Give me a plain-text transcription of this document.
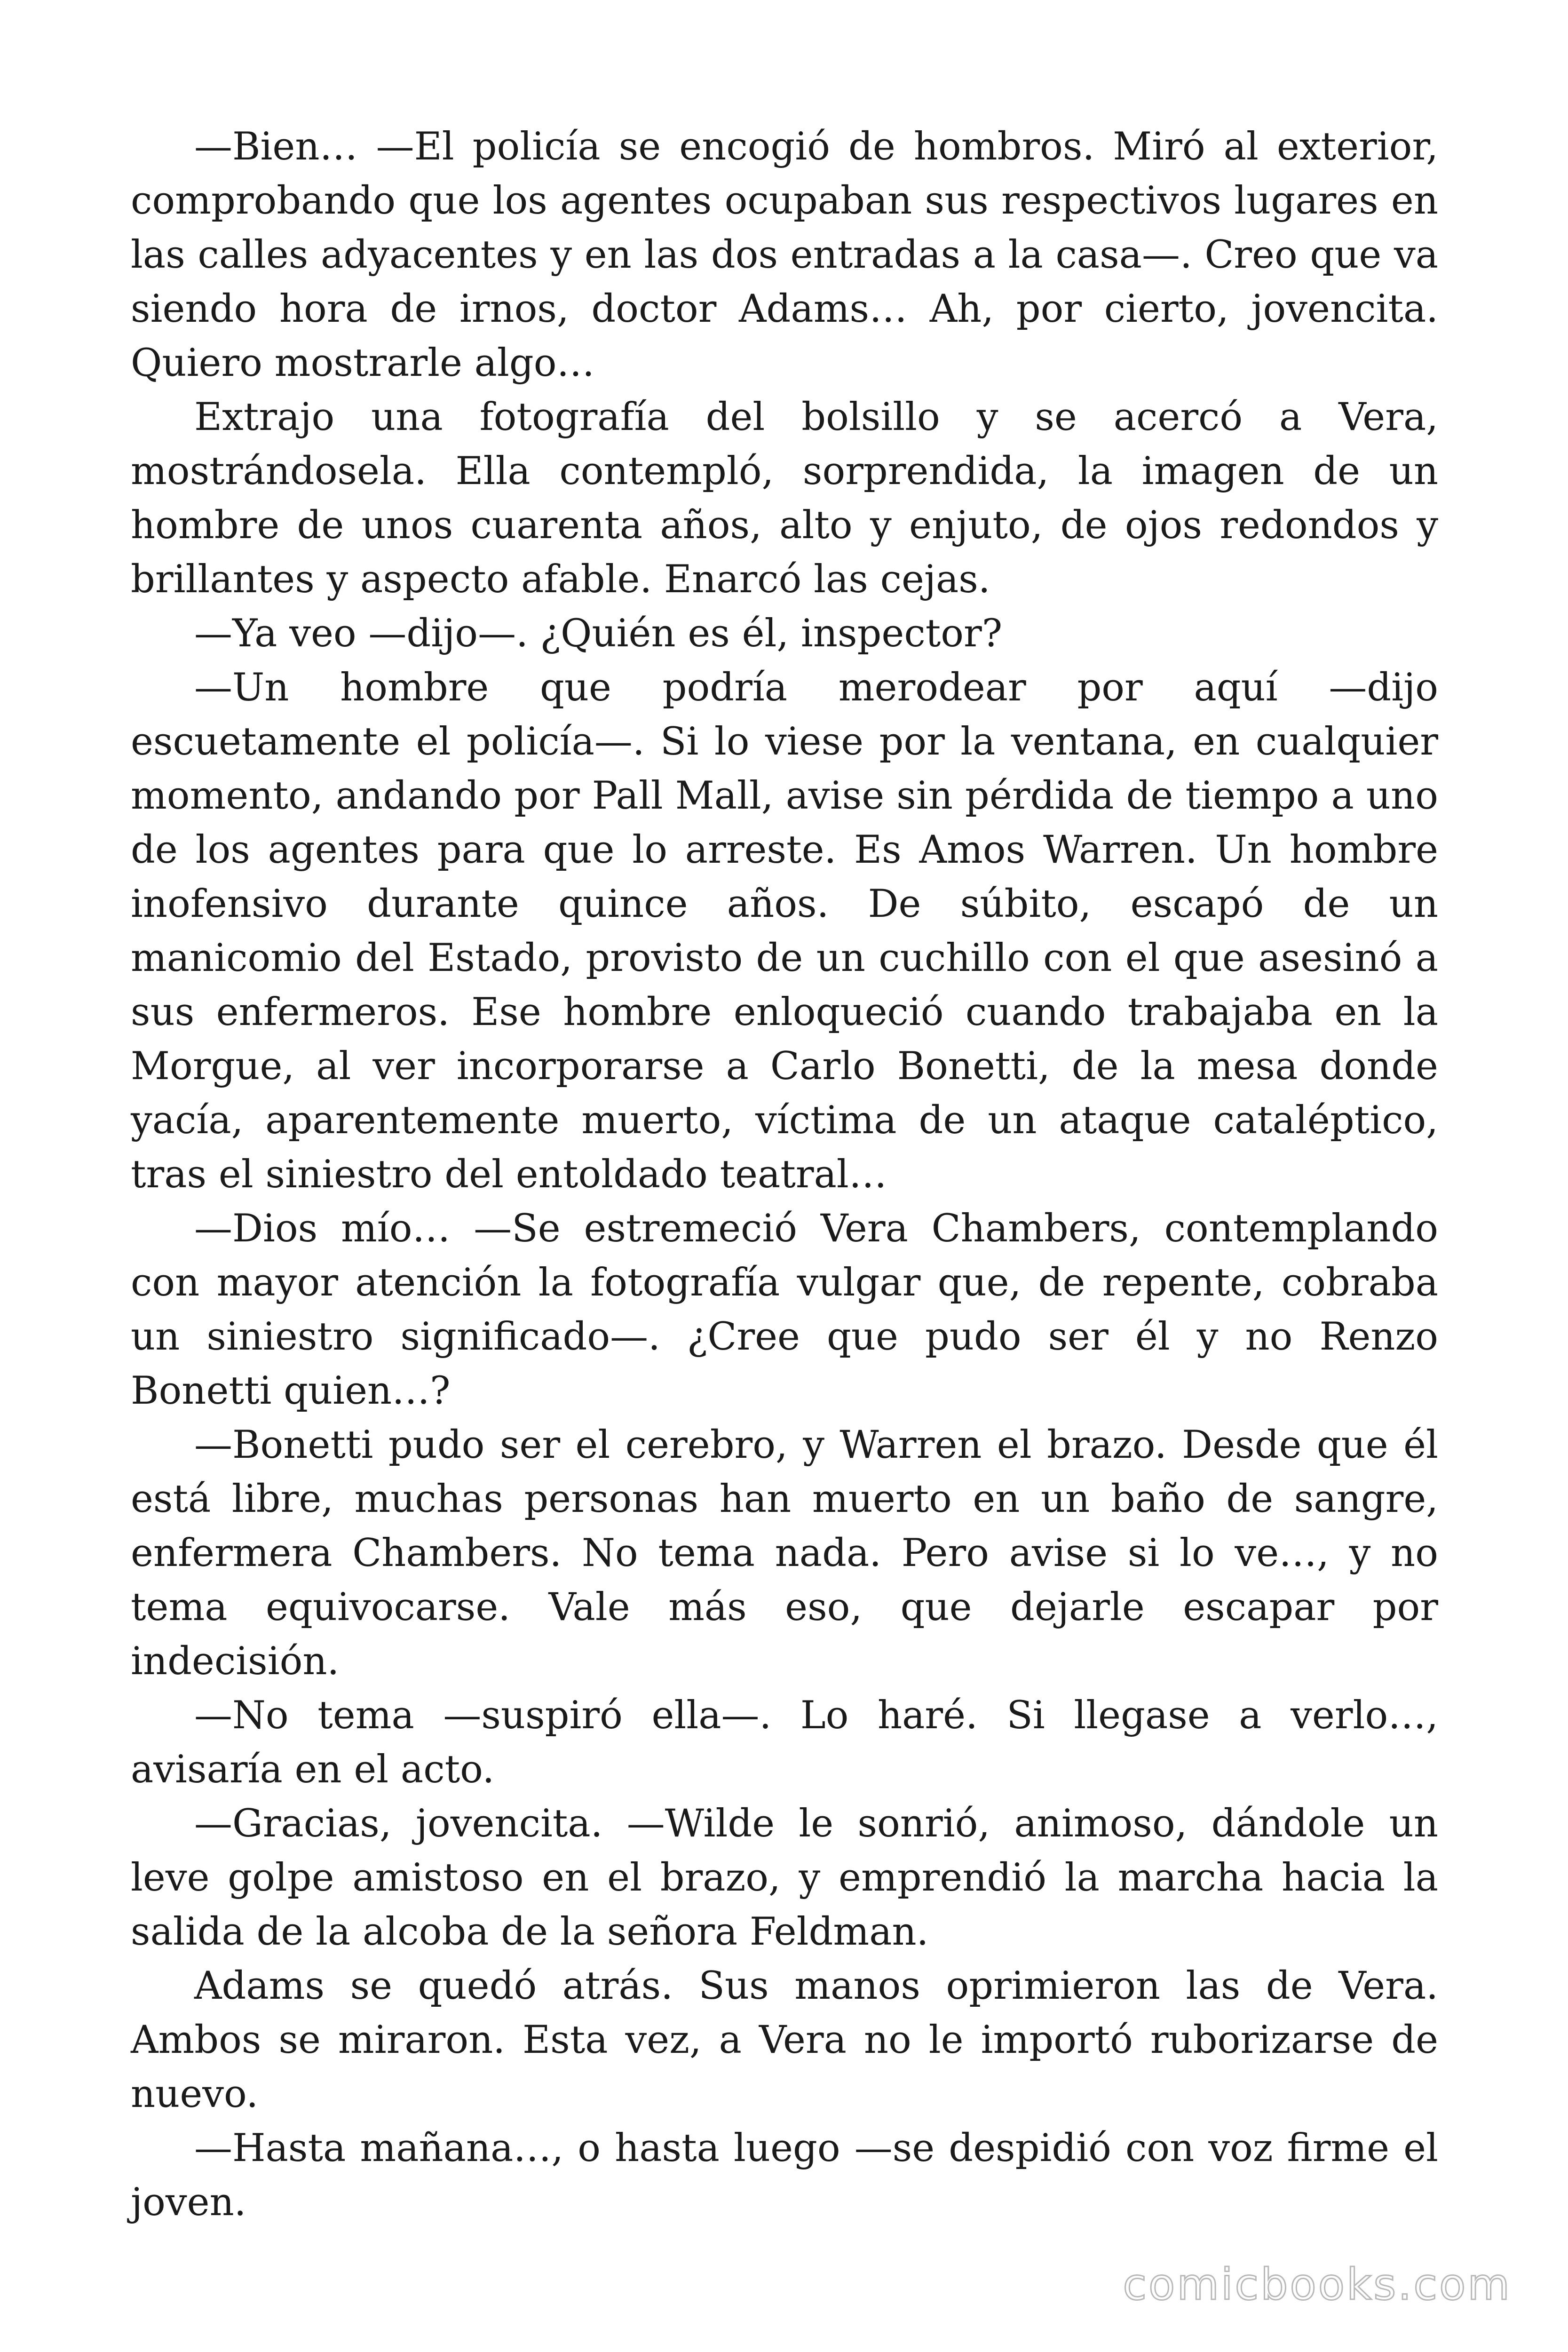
—Bien… —El policía se encogió de hombros. Miró al exterior, comprobando que los agentes ocupaban sus respectivos lugares en las calles adyacentes y en las dos entradas a la casa—. Creo que va siendo hora de irnos, doctor Adams… Ah, por cierto, jovencita. Quiero mostrarle algo…

Extrajo una fotografía del bolsillo y se acercó a Vera, mostrándosela. Ella contempló, sorprendida, la imagen de un hombre de unos cuarenta años, alto y enjuto, de ojos redondos y brillantes y aspecto afable. Enarcó las cejas.

—Ya veo —dijo—. ¿Quién es él, inspector?

—Un hombre que podría merodear por aquí —dijo escuetamente el policía—. Si lo viese por la ventana, en cualquier momento, andando por Pall Mall, avise sin pérdida de tiempo a uno de los agentes para que lo arreste. Es Amos Warren. Un hombre inofensivo durante quince años. De súbito, escapó de un manicomio del Estado, provisto de un cuchillo con el que asesinó a sus enfermeros. Ese hombre enloqueció cuando trabajaba en la Morgue, al ver incorporarse a Carlo Bonetti, de la mesa donde yacía, aparentemente muerto, víctima de un ataque cataléptico, tras el siniestro del entoldado teatral…

—Dios mío… —Se estremeció Vera Chambers, contemplando con mayor atención la fotografía vulgar que, de repente, cobraba un siniestro significado—. ¿Cree que pudo ser él y no Renzo Bonetti quien…?

—Bonetti pudo ser el cerebro, y Warren el brazo. Desde que él está libre, muchas personas han muerto en un baño de sangre, enfermera Chambers. No tema nada. Pero avise si lo ve…, y no tema equivocarse. Vale más eso, que dejarle escapar por indecisión.

—No tema —suspiró ella—. Lo haré. Si llegase a verlo…, avisaría en el acto.

—Gracias, jovencita. —Wilde le sonrió, animoso, dándole un leve golpe amistoso en el brazo, y emprendió la marcha hacia la salida de la alcoba de la señora Feldman.

Adams se quedó atrás. Sus manos oprimieron las de Vera. Ambos se miraron. Esta vez, a Vera no le importó ruborizarse de nuevo.

—Hasta mañana…, o hasta luego —se despidió con voz firme el joven.

comicbooks.com
